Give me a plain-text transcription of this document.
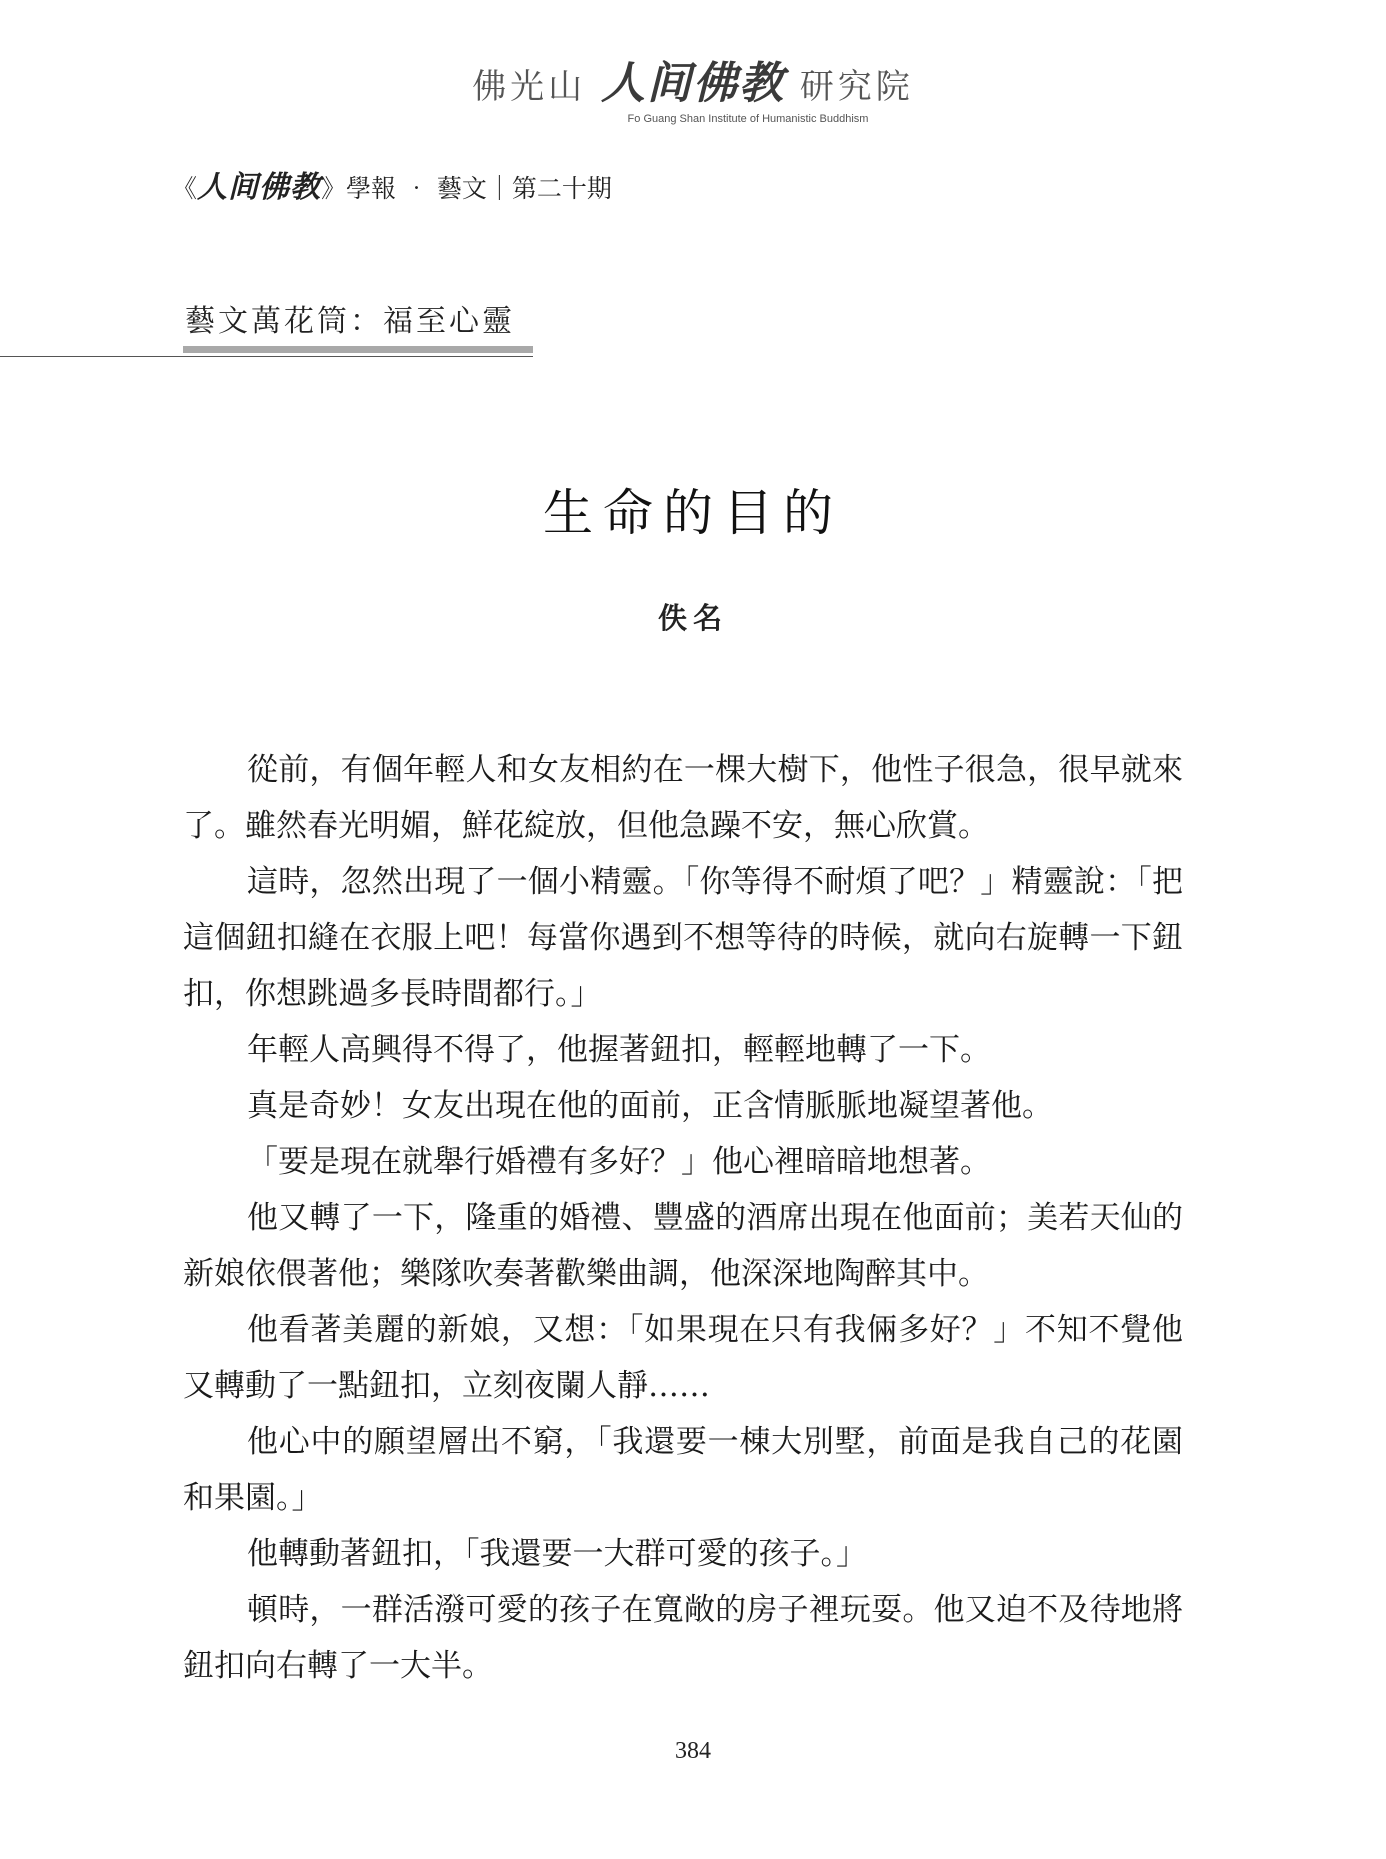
佛光山 人间佛教 研究院
Fo Guang Shan Institute of Humanistic Buddhism
《人间佛教》學報 ‧ 藝文｜第二十期
藝文萬花筒：福至心靈
生命的目的
佚名

從前，有個年輕人和女友相約在一棵大樹下，他性子很急，很早就來了。雖然春光明媚，鮮花綻放，但他急躁不安，無心欣賞。

這時，忽然出現了一個小精靈。「你等得不耐煩了吧？」精靈說：「把這個鈕扣縫在衣服上吧！每當你遇到不想等待的時候，就向右旋轉一下鈕扣，你想跳過多長時間都行。」

年輕人高興得不得了，他握著鈕扣，輕輕地轉了一下。

真是奇妙！女友出現在他的面前，正含情脈脈地凝望著他。

「要是現在就舉行婚禮有多好？」他心裡暗暗地想著。

他又轉了一下，隆重的婚禮、豐盛的酒席出現在他面前；美若天仙的新娘依偎著他；樂隊吹奏著歡樂曲調，他深深地陶醉其中。

他看著美麗的新娘，又想：「如果現在只有我倆多好？」不知不覺他又轉動了一點鈕扣，立刻夜闌人靜……

他心中的願望層出不窮，「我還要一棟大別墅，前面是我自己的花園和果園。」

他轉動著鈕扣，「我還要一大群可愛的孩子。」

頓時，一群活潑可愛的孩子在寬敞的房子裡玩耍。他又迫不及待地將鈕扣向右轉了一大半。

384
